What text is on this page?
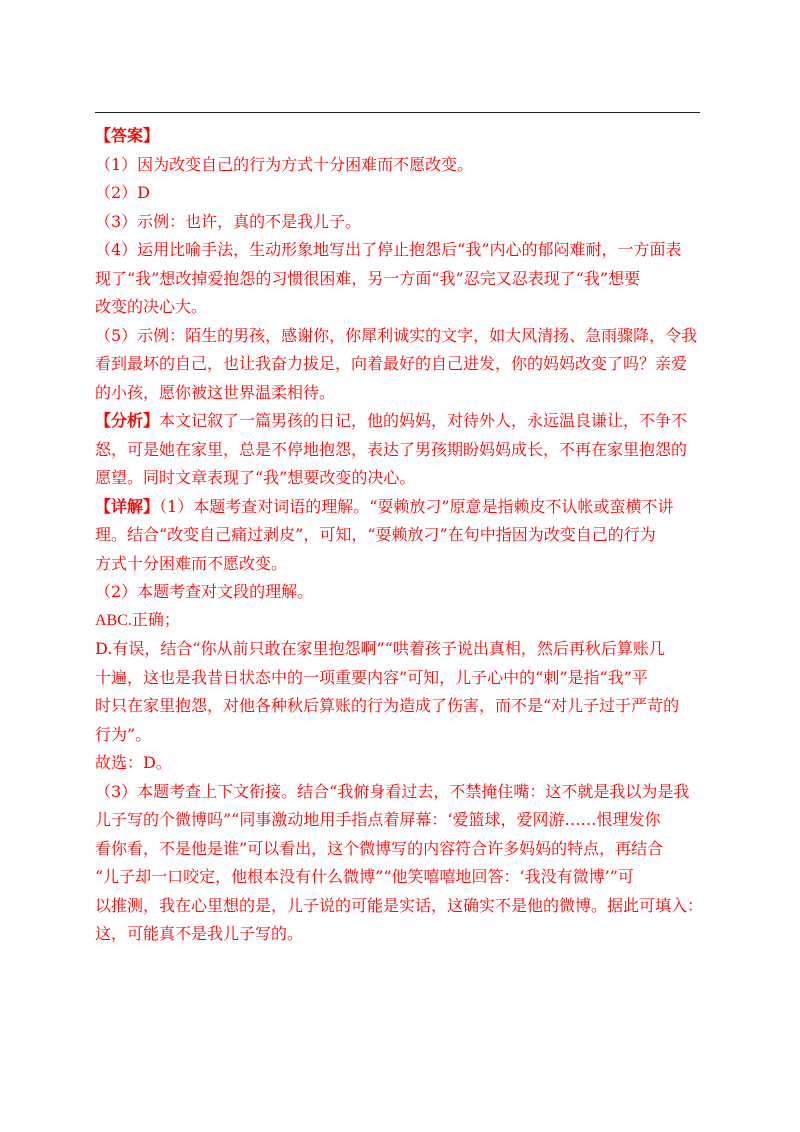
【答案】

（1）因为改变自己的行为方式十分困难而不愿改变。

（2）D

（3）示例：也许，真的不是我儿子。

（4）运用比喻手法，生动形象地写出了停止抱怨后“我”内心的郁闷难耐，一方面表

现了“我”想改掉爱抱怨的习惯很困难，另一方面“我”忍完又忍表现了“我”想要

改变的决心大。

（5）示例：陌生的男孩，感谢你，你犀利诚实的文字，如大风清扬、急雨骤降，令我

看到最坏的自己，也让我奋力拔足，向着最好的自己进发，你的妈妈改变了吗？亲爱

的小孩，愿你被这世界温柔相待。

【分析】本文记叙了一篇男孩的日记，他的妈妈，对待外人，永远温良谦让，不争不

怒，可是她在家里，总是不停地抱怨，表达了男孩期盼妈妈成长，不再在家里抱怨的

愿望。同时文章表现了“我”想要改变的决心。

【详解】（1）本题考查对词语的理解。“耍赖放刁”原意是指赖皮不认帐或蛮横不讲

理。结合“改变自己痛过剥皮”，可知，“耍赖放刁”在句中指因为改变自己的行为

方式十分困难而不愿改变。

（2）本题考查对文段的理解。

ABC.正确；

D.有误，结合“你从前只敢在家里抱怨啊”“哄着孩子说出真相，然后再秋后算账几

十遍，这也是我昔日状态中的一项重要内容”可知，儿子心中的“刺”是指“我”平

时只在家里抱怨，对他各种秋后算账的行为造成了伤害，而不是“对儿子过于严苛的

行为”。

故选：D。

（3）本题考查上下文衔接。结合“我俯身看过去，不禁掩住嘴：这不就是我以为是我

儿子写的个微博吗”“同事激动地用手指点着屏幕：‘爱篮球，爱网游……恨理发你

看你看，不是他是谁”可以看出，这个微博写的内容符合许多妈妈的特点，再结合

“儿子却一口咬定，他根本没有什么微博”“他笑嘻嘻地回答：‘我没有微博’”可

以推测，我在心里想的是，儿子说的可能是实话，这确实不是他的微博。据此可填入：

这，可能真不是我儿子写的。
